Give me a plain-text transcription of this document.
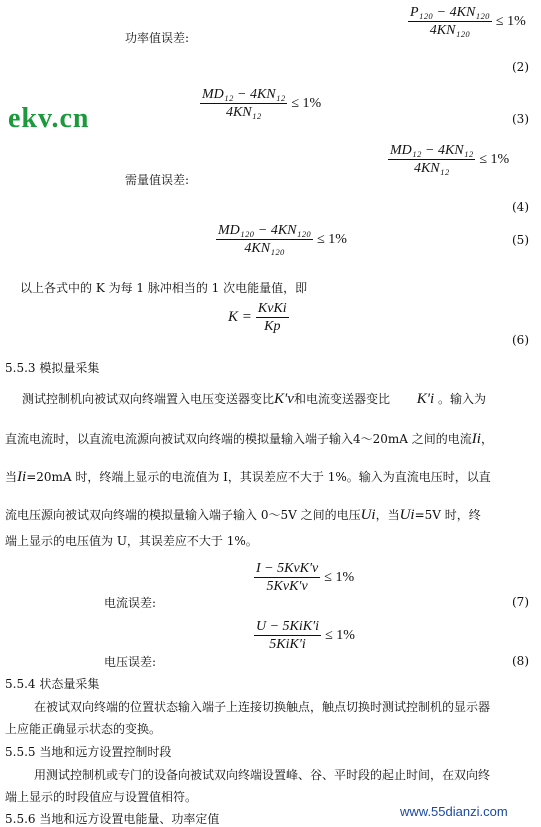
功率值误差:	$\frac{\text{P₁₂₀ − 4KN₁₂₀}}{\text{4KN₁₂₀}} \le 1\%$
(2)
ekv.cn	$\frac{\text{MD₁₂ − 4KN₁₂}}{\text{4KN₁₂}} \le 1\%$
(3)
需量值误差:
$\frac{\text{MD₁₂ − 4KN₁₂}}{\text{4KN₁₂}} \le 1\%$
(4)
$\frac{\text{MD₁₂₀ − 4KN₁₂₀}}{\text{4KN₁₂₀}} \le 1\%$	(5)
以上各式中的 K 为每 1 脉冲相当的 1 次电能量值，即
$K = \frac{\text{KvKi}}{Kp}$
(6)
5.5.3 模拟量采集
测试控制机向被试双向终端置入电压变送器变比K′v和电流变送器变比 K′i 。输入为
直流电流时，以直流电流源向被试双向终端的模拟量输入端子输入4～20mA 之间的电流Ii，
当Ii=20mA 时，终端上显示的电流值为 I，其误差应不大于 1%。输入为直流电压时，以直
流电压源向被试双向终端的模拟量输入端子输入 0～5V 之间的电压Ui，当Ui=5V 时，终
端上显示的电压值为 U，其误差应不大于 1%。
$\frac{\text{I − 5KvK′v}}{\text{5KvK′v}} \le 1\%$
电流误差:	(7)
$\frac{\text{U − 5KiK′i}}{\text{5KiK′i}} \le 1\%$
电压误差:	(8)
5.5.4 状态量采集
在被试双向终端的位置状态输入端子上连接切换触点，触点切换时测试控制机的显示器
上应能正确显示状态的变换。
5.5.5 当地和远方设置控制时段
用测试控制机或专门的设备向被试双向终端设置峰、谷、平时段的起止时间，在双向终
端上显示的时段值应与设置值相符。
5.5.6 当地和远方设置电能量、功率定值	www.55dianzi.com
